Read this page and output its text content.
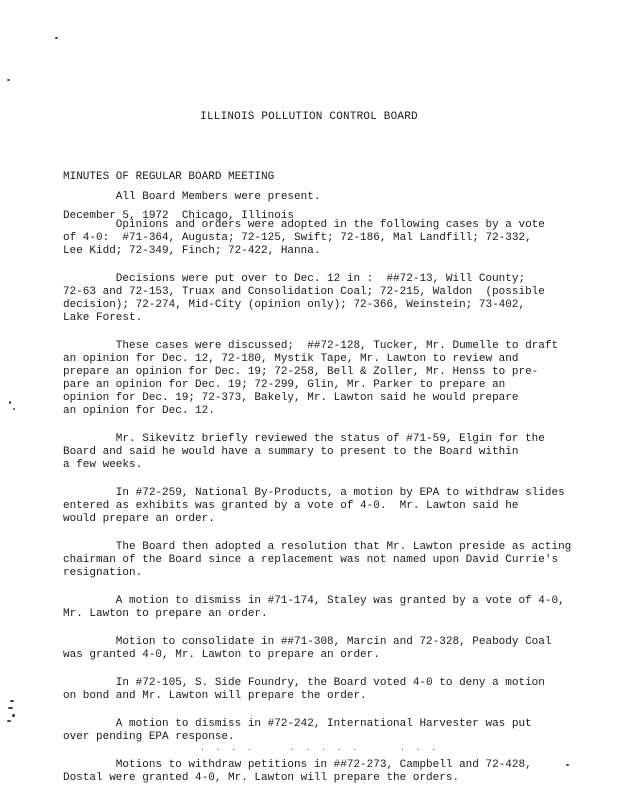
ILLINOIS POLLUTION CONTROL BOARD

MINUTES OF REGULAR BOARD MEETING

December 5, 1972  Chicago, Illinois

All Board Members were present.
Opinions and orders were adopted in the following cases by a vote
of 4-0:  #71-364, Augusta; 72-125, Swift; 72-186, Mal Landfill; 72-332,
Lee Kidd; 72-349, Finch; 72-422, Hanna.
Decisions were put over to Dec. 12 in :  ##72-13, Will County;
72-63 and 72-153, Truax and Consolidation Coal; 72-215, Waldon  (possible
decision); 72-274, Mid-City (opinion only); 72-366, Weinstein; 73-402,
Lake Forest.
These cases were discussed;  ##72-128, Tucker, Mr. Dumelle to draft
an opinion for Dec. 12, 72-180, Mystik Tape, Mr. Lawton to review and
prepare an opinion for Dec. 19; 72-258, Bell & Zoller, Mr. Henss to pre-
pare an opinion for Dec. 19; 72-299, Glin, Mr. Parker to prepare an
opinion for Dec. 19; 72-373, Bakely, Mr. Lawton said he would prepare
an opinion for Dec. 12.
Mr. Sikevitz briefly reviewed the status of #71-59, Elgin for the
Board and said he would have a summary to present to the Board within
a few weeks.
In #72-259, National By-Products, a motion by EPA to withdraw slides
entered as exhibits was granted by a vote of 4-0.  Mr. Lawton said he
would prepare an order.
The Board then adopted a resolution that Mr. Lawton preside as acting
chairman of the Board since a replacement was not named upon David Currie's
resignation.
A motion to dismiss in #71-174, Staley was granted by a vote of 4-0,
Mr. Lawton to prepare an order.
Motion to consolidate in ##71-308, Marcin and 72-328, Peabody Coal
was granted 4-0, Mr. Lawton to prepare an order.
In #72-105, S. Side Foundry, the Board voted 4-0 to deny a motion
on bond and Mr. Lawton will prepare the order.
A motion to dismiss in #72-242, International Harvester was put
over pending EPA response.
Motions to withdraw petitions in ##72-273, Campbell and 72-428,
Dostal were granted 4-0, Mr. Lawton will prepare the orders.
. . . .	. . . . .	. . .
